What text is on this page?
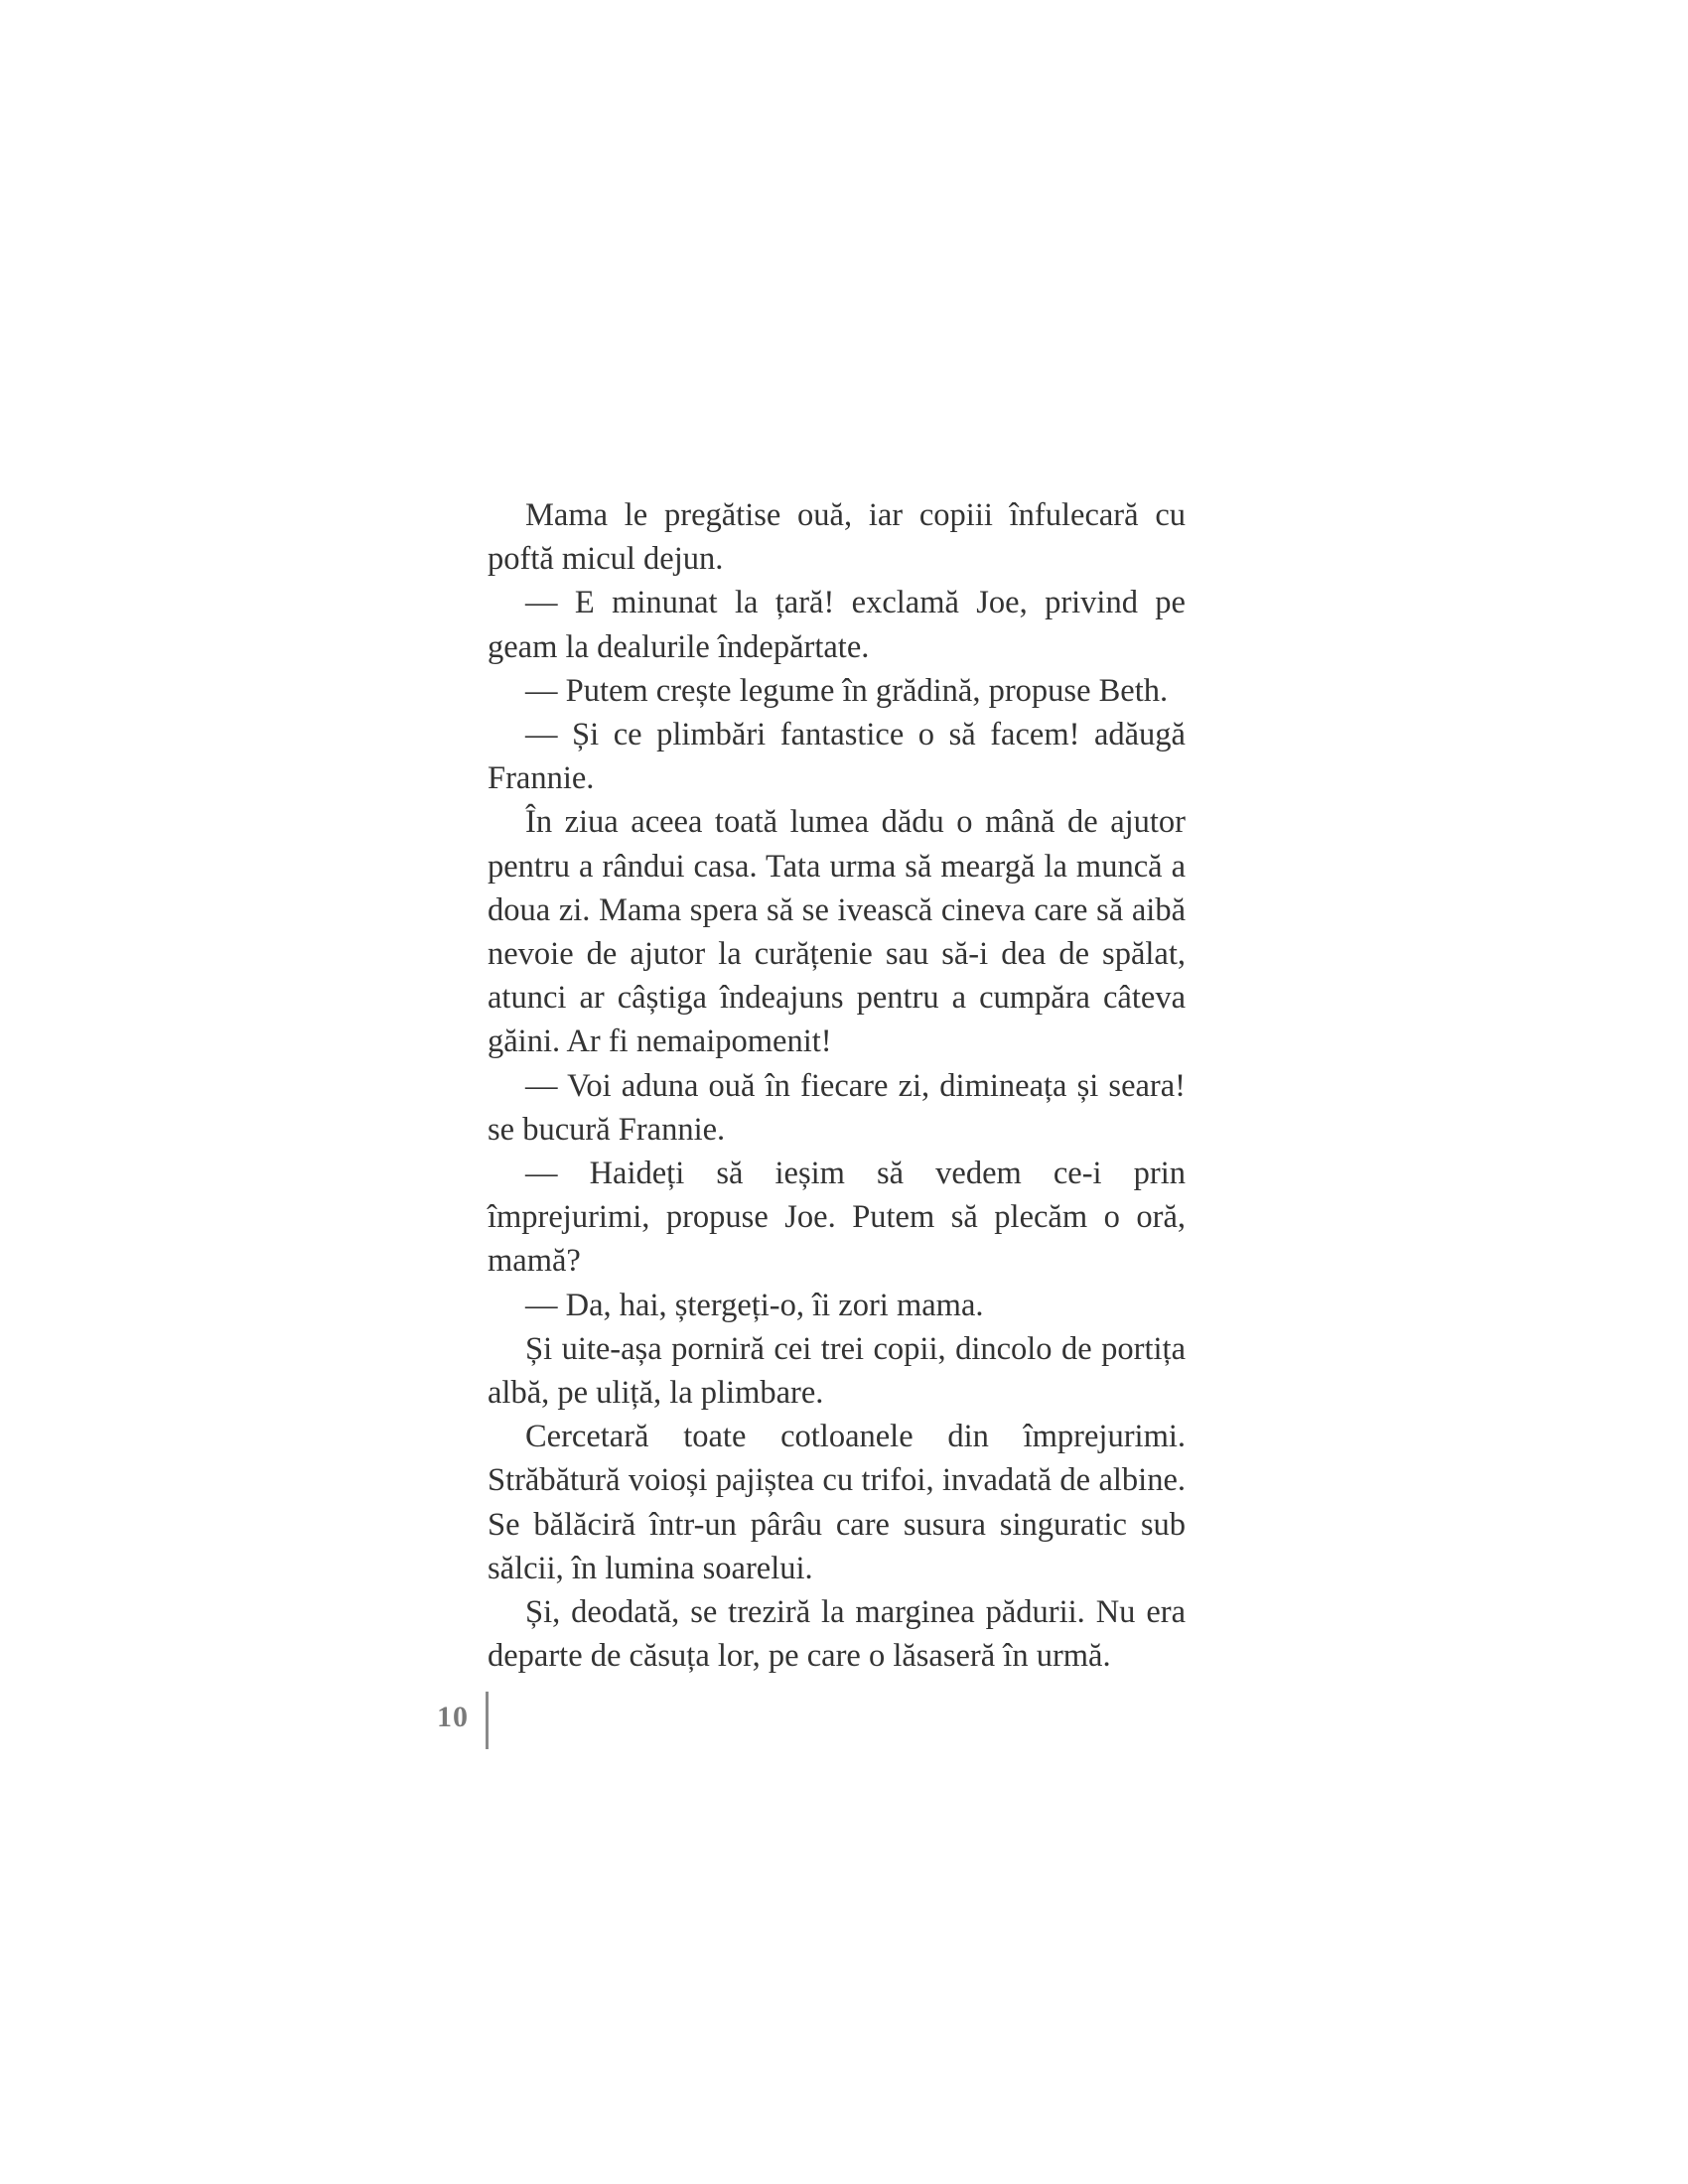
Mama le pregătise ouă, iar copiii înfulecară cu poftă micul dejun.

— E minunat la țară! exclamă Joe, privind pe geam la dealurile îndepărtate.

— Putem crește legume în grădină, propuse Beth.

— Și ce plimbări fantastice o să facem! adăugă Frannie.

În ziua aceea toată lumea dădu o mână de ajutor pentru a rândui casa. Tata urma să meargă la muncă a doua zi. Mama spera să se ivească cineva care să aibă nevoie de ajutor la curățenie sau să-i dea de spălat, atunci ar câștiga îndeajuns pentru a cumpăra câteva găini. Ar fi nemaipomenit!

— Voi aduna ouă în fiecare zi, dimineața și seara! se bucură Frannie.

— Haideți să ieșim să vedem ce-i prin împrejurimi, propuse Joe. Putem să plecăm o oră, mamă?

— Da, hai, ștergeți-o, îi zori mama.

Și uite-așa porniră cei trei copii, dincolo de portița albă, pe uliță, la plimbare.

Cercetară toate cotloanele din împrejurimi. Străbătură voioși pajiștea cu trifoi, invadată de albine. Se bălăciră într-un pârâu care susura singuratic sub sălcii, în lumina soarelui.

Și, deodată, se treziră la marginea pădurii. Nu era departe de căsuța lor, pe care o lăsaseră în urmă.

10
